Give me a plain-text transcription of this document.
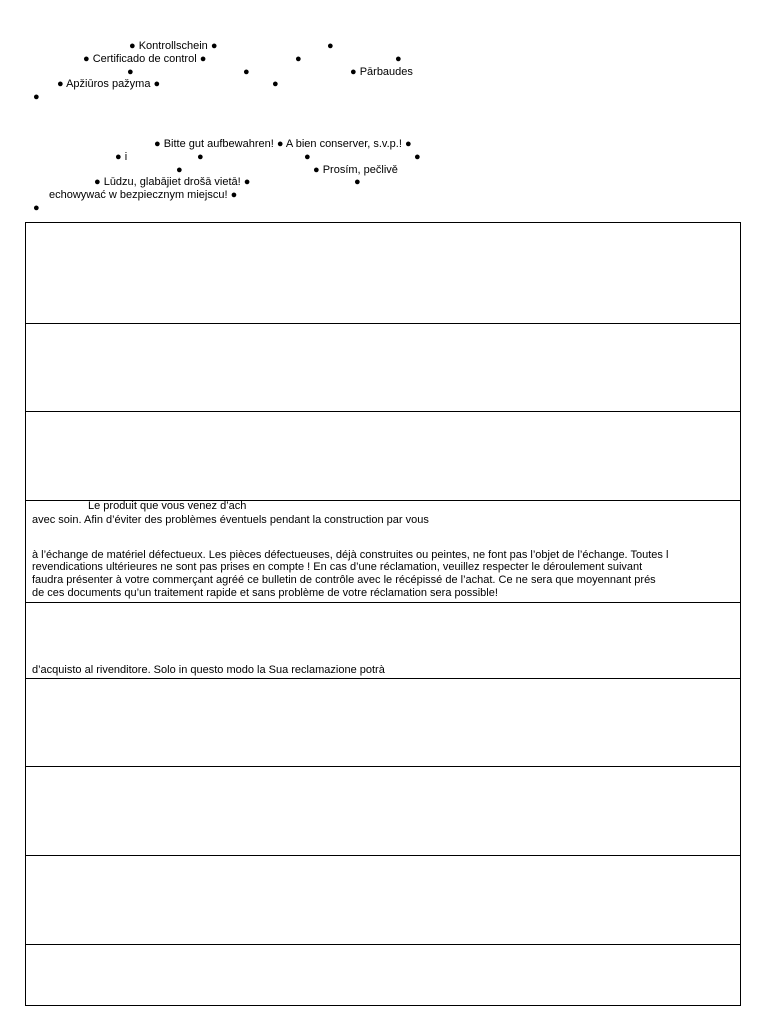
● Kontrollschein ●	●
● Certificado de control ●	●	●
●	●	● Pārbaudes
● Apžiūros pažyma ●	●
●
● Bitte gut aufbewahren! ● A bien conserver, s.v.p.! ●
● i	●	●
●	● Prosím, pečlivě
●
● Lūdzu, glabājiet drošā vietā! ●	●
echowywać w bezpiecznym miejscu! ●
●
Le produit que vous venez d’ach
avec soin. Afin d’éviter des problèmes éventuels pendant la construction par vous
à l’échange de matériel défectueux. Les pièces défectueuses, déjà construites ou peintes, ne font pas l’objet de l’échange. Toutes l
revendications ultérieures ne sont pas prises en compte ! En cas d’une réclamation, veuillez respecter le déroulement suivant
faudra présenter à votre commerçant agréé ce bulletin de contrôle avec le récépissé de l’achat. Ce ne sera que moyennant prés
de ces documents qu’un traitement rapide et sans problème de votre réclamation sera possible!
d’acquisto al rivenditore. Solo in questo modo la Sua reclamazione potrà
